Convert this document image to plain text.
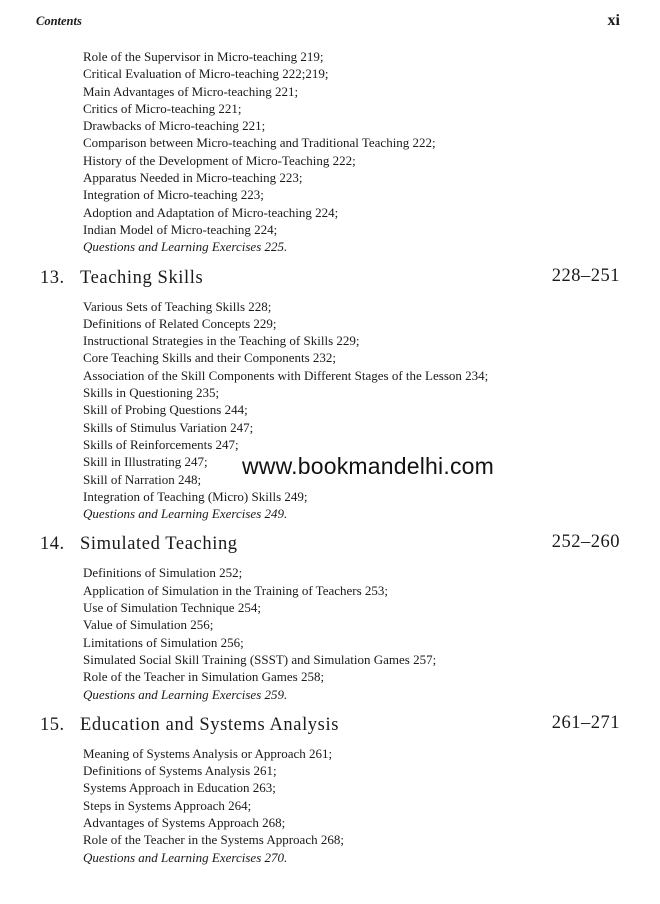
Contents	xi
Role of the Supervisor in Micro-teaching 219;
Critical Evaluation of Micro-teaching 222;219;
Main Advantages of Micro-teaching 221;
Critics of Micro-teaching 221;
Drawbacks of Micro-teaching 221;
Comparison between Micro-teaching and Traditional Teaching 222;
History of the Development of Micro-Teaching 222;
Apparatus Needed in Micro-teaching 223;
Integration of Micro-teaching 223;
Adoption and Adaptation of Micro-teaching 224;
Indian Model of Micro-teaching 224;
Questions and Learning Exercises 225.
13. Teaching Skills	228–251
Various Sets of Teaching Skills 228;
Definitions of Related Concepts 229;
Instructional Strategies in the Teaching of Skills 229;
Core Teaching Skills and their Components 232;
Association of the Skill Components with Different Stages of the Lesson 234;
Skills in Questioning 235;
Skill of Probing Questions 244;
Skills of Stimulus Variation 247;
Skills of Reinforcements 247;
Skill in Illustrating 247;
Skill of Narration 248;
Integration of Teaching (Micro) Skills 249;
Questions and Learning Exercises 249.
14. Simulated Teaching	252–260
Definitions of Simulation 252;
Application of Simulation in the Training of Teachers 253;
Use of Simulation Technique 254;
Value of Simulation 256;
Limitations of Simulation 256;
Simulated Social Skill Training (SSST) and Simulation Games 257;
Role of the Teacher in Simulation Games 258;
Questions and Learning Exercises 259.
15. Education and Systems Analysis	261–271
Meaning of Systems Analysis or Approach 261;
Definitions of Systems Analysis 261;
Systems Approach in Education 263;
Steps in Systems Approach 264;
Advantages of Systems Approach 268;
Role of the Teacher in the Systems Approach 268;
Questions and Learning Exercises 270.
www.bookmandelhi.com
